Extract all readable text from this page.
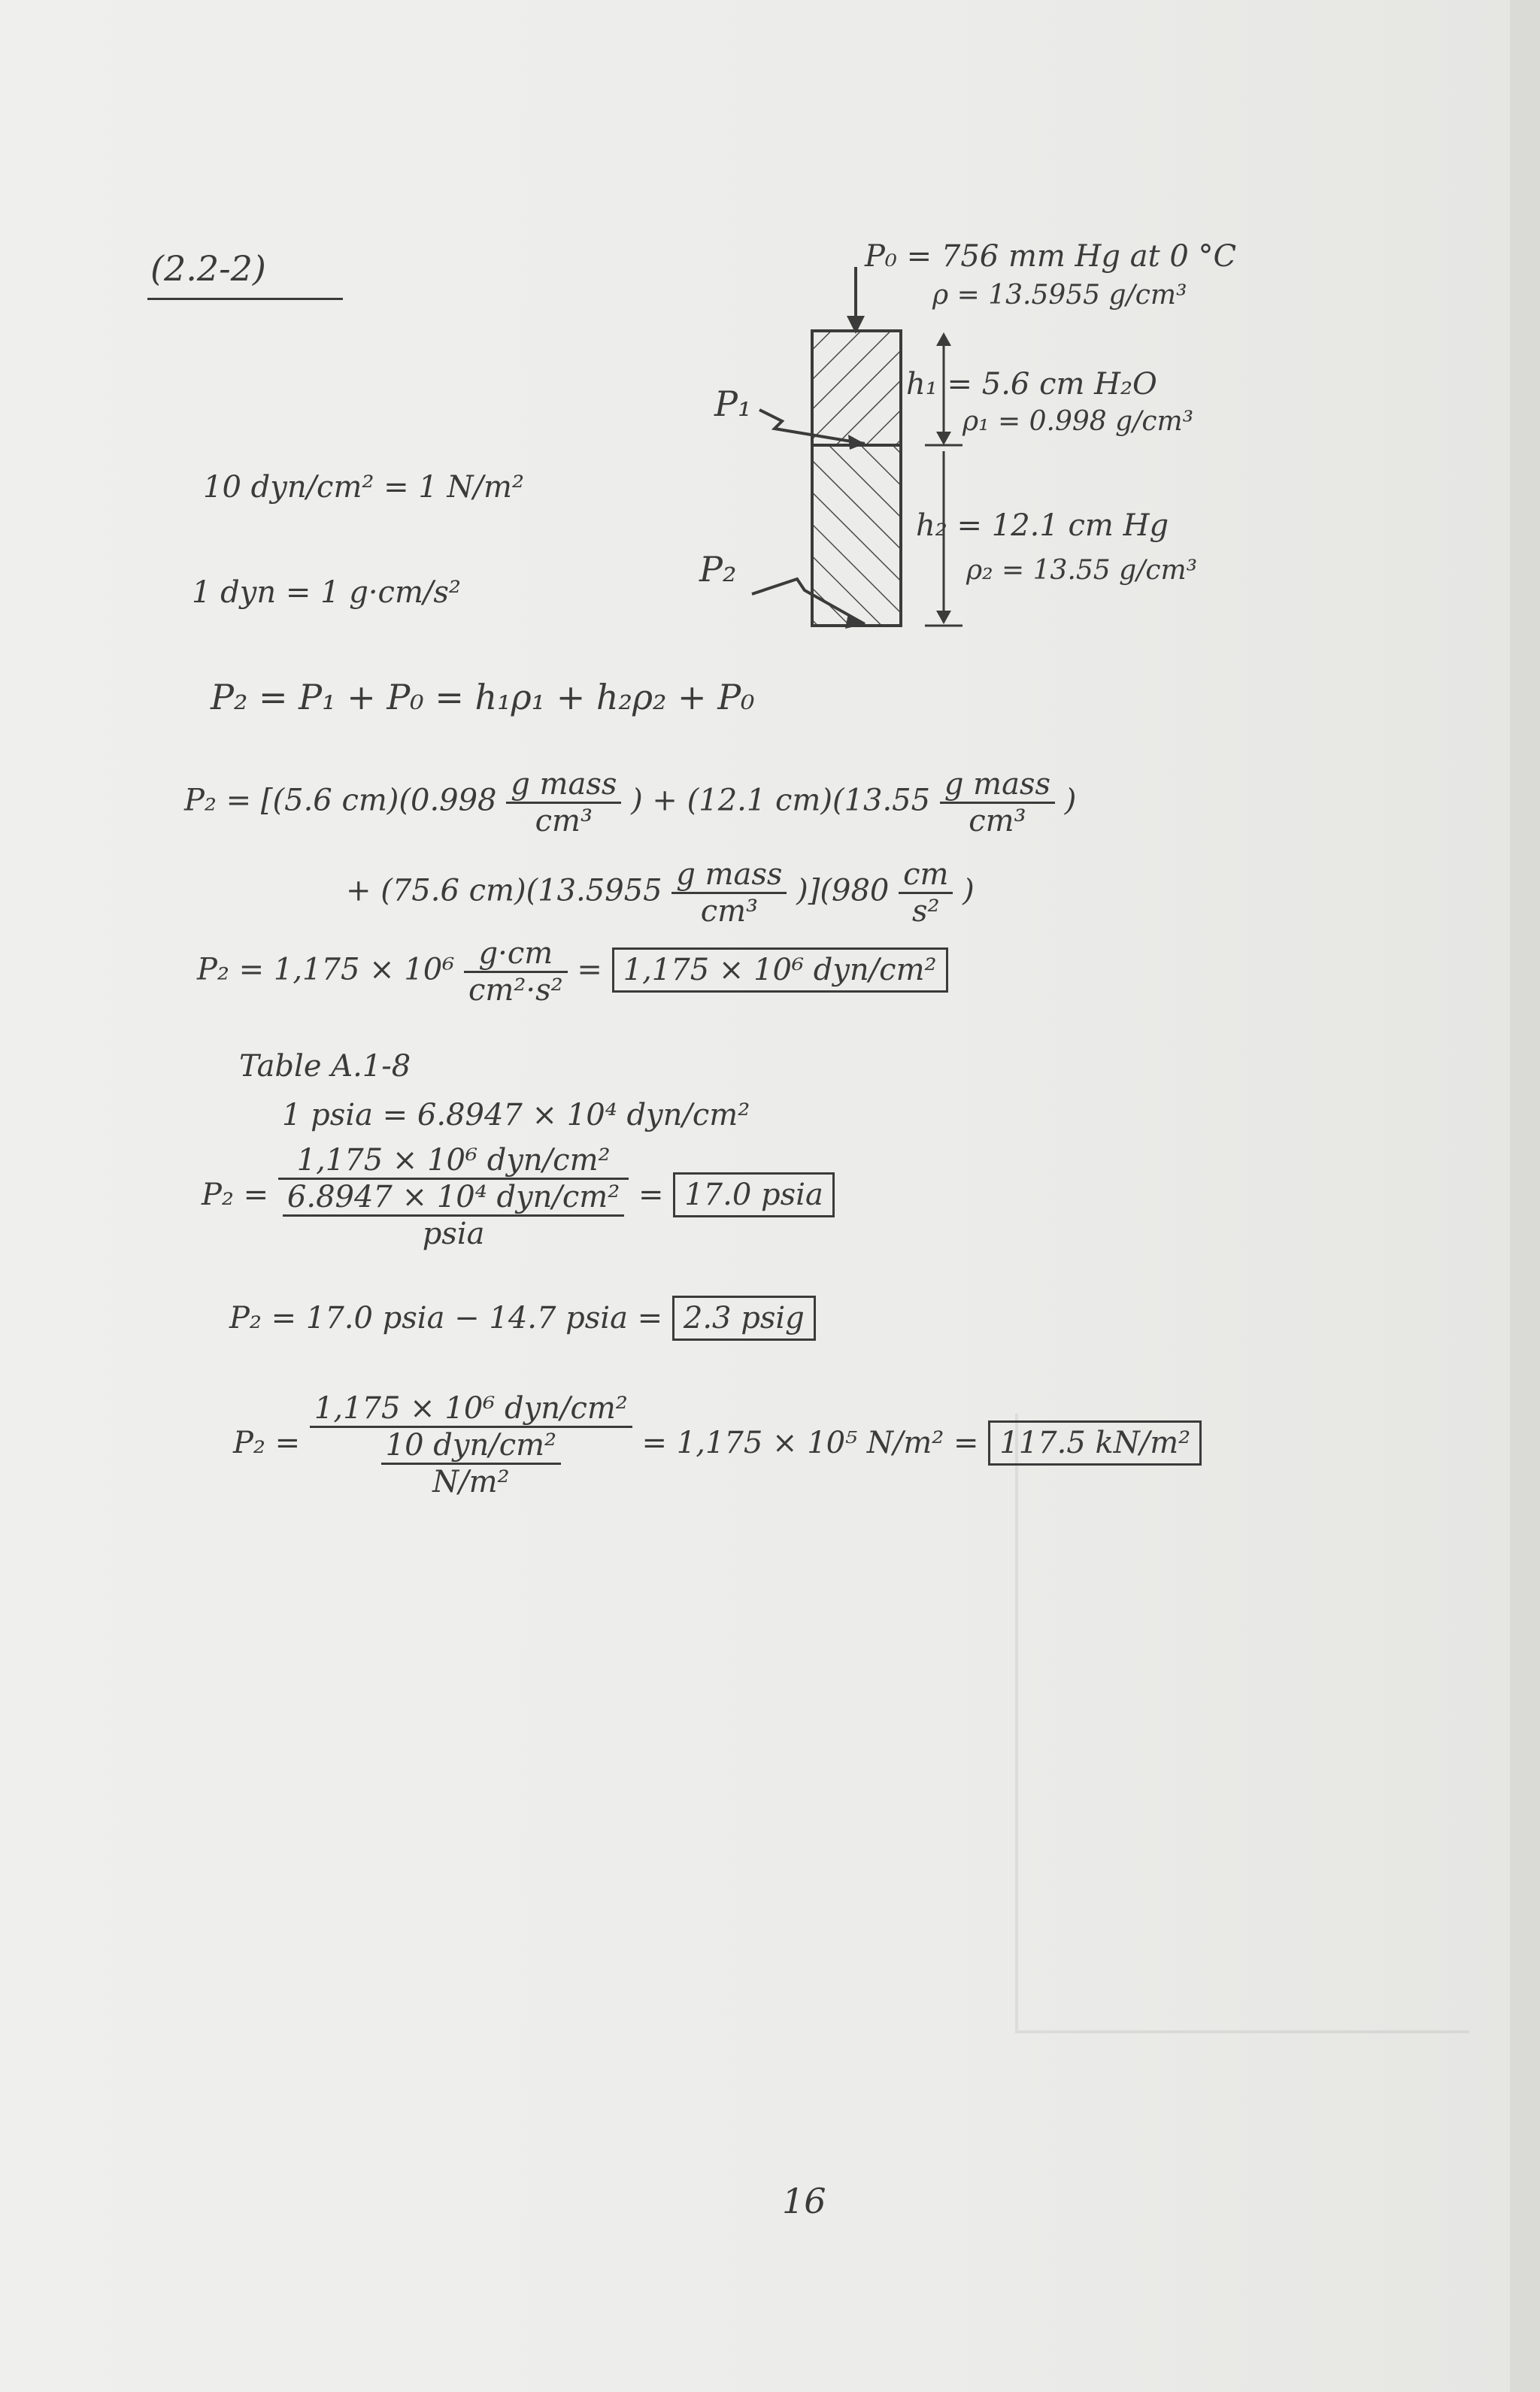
(2.2-2)	P₀ = 756 mm Hg at 0 °C
ρ = 13.5955 g/cm³
h₁ = 5.6 cm H₂O
ρ₁ = 0.998 g/cm³
h₂ = 12.1 cm Hg
ρ₂ = 13.55 g/cm³
P₁
P₂
10 dyn/cm² = 1 N/m²
1 dyn = 1 g·cm/s²
P₂ = P₁ + P₀ = h₁ρ₁ + h₂ρ₂ + P₀
P₂ = [(5.6 $cm)(0.998 \frac{\text{g mass}}{\text{cm³}}$ ) + (12.1 $cm)(13.55 \frac{\text{g mass}}{\text{cm³}}$ )
+ (75.6 $cm)(13.5955 \frac{\text{g mass}}{\text{cm³}} )](980 \frac{cm}{\text{s²}}$ )
$P_2 = 1,175 \times 10^6 \frac{g\cdot cm}{\text{cm²·s²}} = 1,175 \times 10^6$ dyn/cm²
Table A.1-8
1 psia = 6.8947 × 10⁴ dyn/cm²
$P_2 = \frac{\text{1,175 × 10⁶ dyn/cm²}}{\frac{\text{6.8947 × 10⁴ dyn/cm²}}{\text{psia}}} = 17.0$ psia
P₂ = 17.0 psia − 14.7 psia = 2.3 psig
$P_2 = \frac{\text{1,175 × 10⁶ dyn/cm²}}{\frac{\text{10 dyn/cm²}}{\text{N/m²}}} = 1,175 \times 10^5$ N/m² = 117.5 kN/m²
16
